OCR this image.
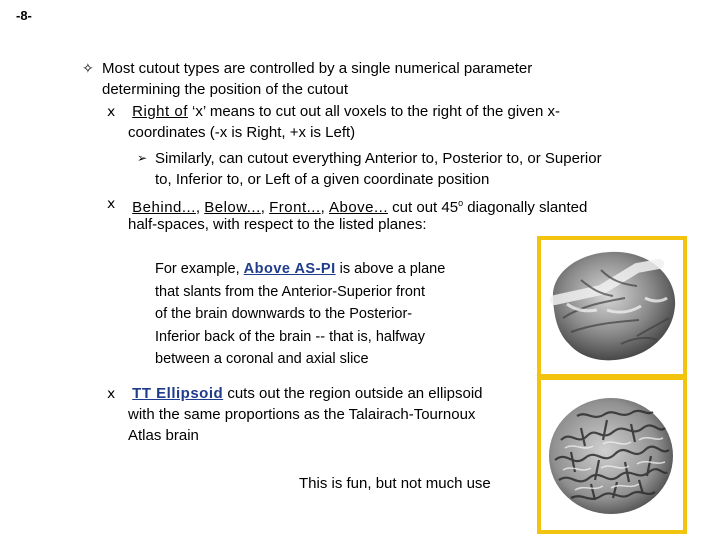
-8-
✧ Most cutout types are controlled by a single numerical parameter
determining the position of the cutout
ⅹ Right of ‘x’ means to cut out all voxels to the right of the given x-
coordinates (-x is Right, +x is Left)
➢ Similarly, can cutout everything Anterior to, Posterior to, or Superior
to, Inferior to, or Left of a given coordinate position
ⅹ Behind..., Below..., Front..., Above... cut out 45$^o$ diagonally slanted
half-spaces, with respect to the listed planes:
For example, Above AS-PI is above a plane
that slants from the Anterior-Superior front
of the brain downwards to the Posterior-
Inferior back of the brain -- that is, halfway
between a coronal and axial slice
ⅹ TT Ellipsoid cuts out the region outside an ellipsoid
with the same proportions as the Talairach-Tournoux
Atlas brain
This is fun, but not much use
